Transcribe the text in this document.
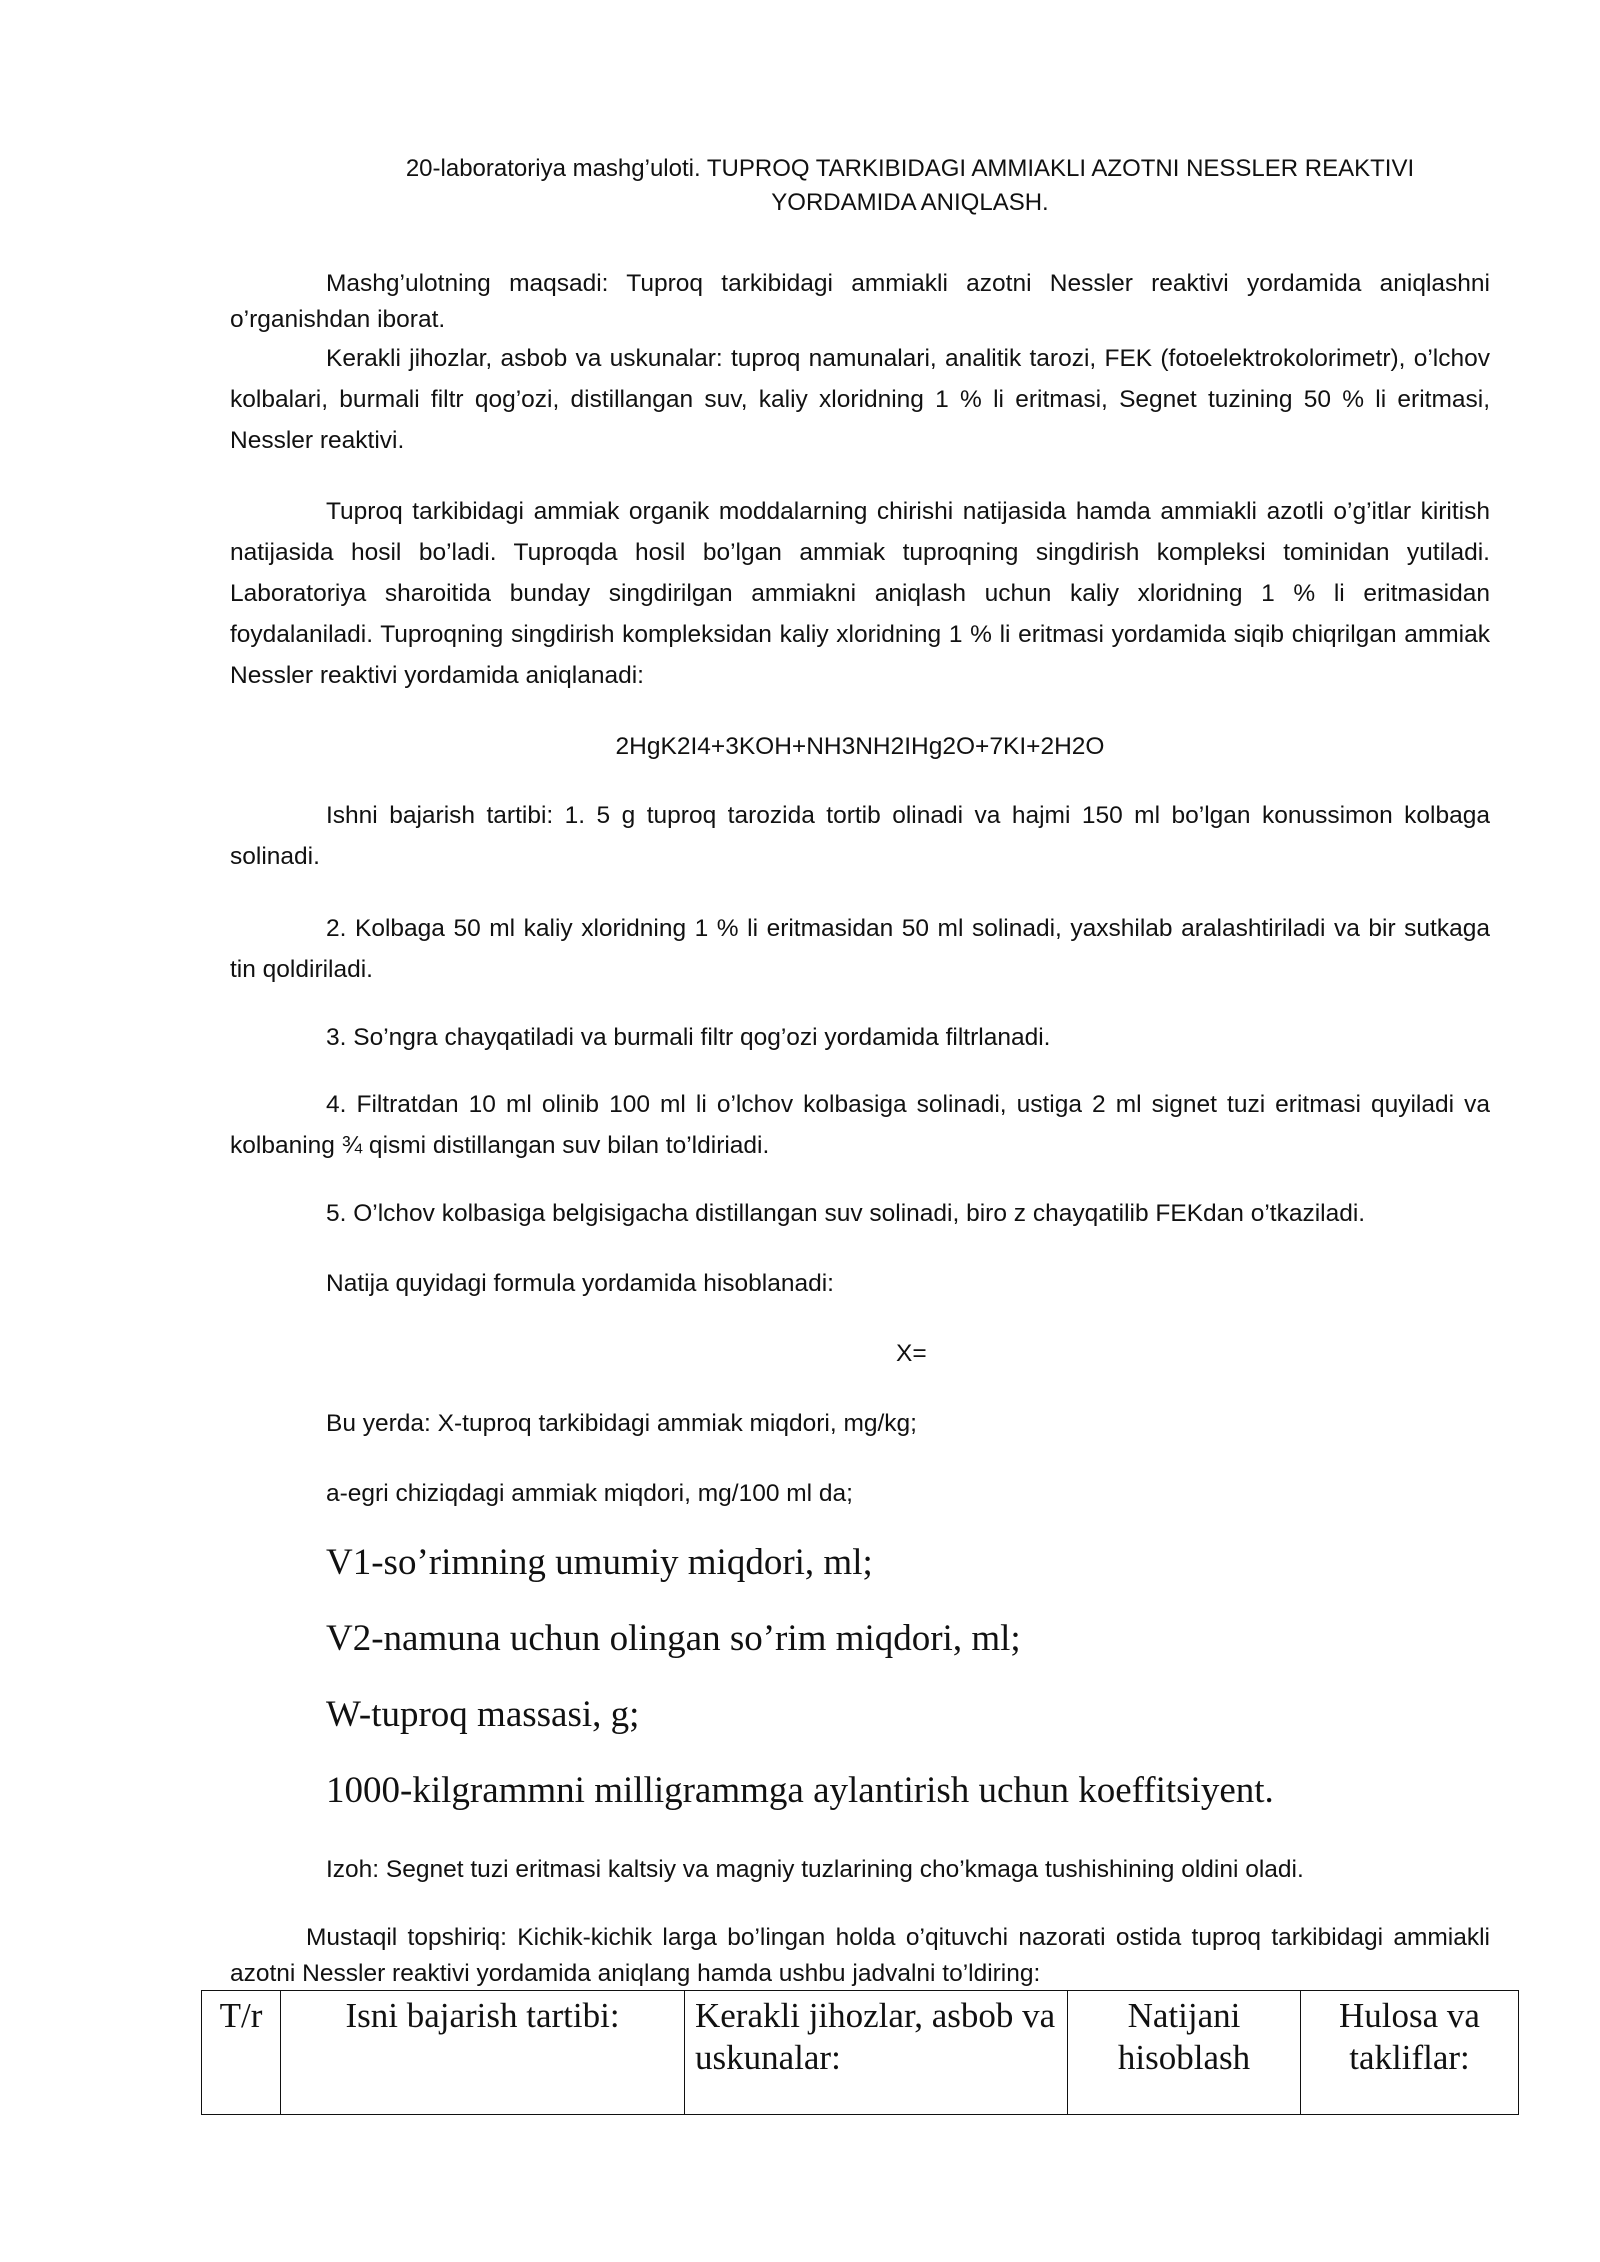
20-laboratoriya mashg’uloti. TUPROQ TARKIBIDAGI AMMIAKLI AZOTNI NESSLER REAKTIVI
YORDAMIDA ANIQLASH.

Mashg’ulotning maqsadi: Tuproq tarkibidagi ammiakli azotni Nessler reaktivi yordamida aniqlashni o’rganishdan iborat.

Kerakli jihozlar, asbob va uskunalar: tuproq namunalari, analitik tarozi, FEK (fotoelektrokolorimetr), o’lchov kolbalari, burmali filtr qog’ozi, distillangan suv, kaliy xloridning 1 % li eritmasi, Segnet tuzining 50 % li eritmasi, Nessler reaktivi.

Tuproq tarkibidagi ammiak organik moddalarning chirishi natijasida hamda ammiakli azotli o’g’itlar kiritish natijasida hosil bo’ladi. Tuproqda hosil bo’lgan ammiak tuproqning singdirish kompleksi tominidan yutiladi. Laboratoriya sharoitida bunday singdirilgan ammiakni aniqlash uchun kaliy xloridning 1 % li eritmasidan foydalaniladi. Tuproqning singdirish kompleksidan kaliy xloridning 1 % li eritmasi yordamida siqib chiqrilgan ammiak Nessler reaktivi yordamida aniqlanadi:

2HgK2I4+3KOH+NH3NH2IHg2O+7KI+2H2O

Ishni bajarish tartibi: 1. 5 g tuproq tarozida tortib olinadi va hajmi 150 ml bo’lgan konussimon kolbaga solinadi.

2. Kolbaga 50 ml kaliy xloridning 1 % li eritmasidan 50 ml solinadi, yaxshilab aralashtiriladi va bir sutkaga tin qoldiriladi.

3. So’ngra chayqatiladi va burmali filtr qog’ozi yordamida filtrlanadi.

4. Filtratdan 10 ml olinib 100 ml li o’lchov kolbasiga solinadi, ustiga 2 ml signet tuzi eritmasi quyiladi va kolbaning ¾ qismi distillangan suv bilan to’ldiriadi.

5. O’lchov kolbasiga belgisigacha distillangan suv solinadi, biro z chayqatilib FEKdan o’tkaziladi.
Natija quyidagi formula yordamida hisoblanadi:
X=
Bu yerda: X-tuproq tarkibidagi ammiak miqdori, mg/kg;
a-egri chiziqdagi ammiak miqdori, mg/100 ml da;
V1-so’rimning umumiy miqdori, ml;
V2-namuna uchun olingan so’rim miqdori, ml;
W-tuproq massasi, g;
1000-kilgrammni milligrammga aylantirish uchun koeffitsiyent.
Izoh: Segnet tuzi eritmasi kaltsiy va magniy tuzlarining cho’kmaga tushishining oldini oladi.

Mustaqil topshiriq: Kichik-kichik larga bo’lingan holda o’qituvchi nazorati ostida tuproq tarkibidagi ammiakli azotni Nessler reaktivi yordamida aniqlang hamda ushbu jadvalni to’ldiring:

T/r	Isni bajarish tartibi:	Kerakli jihozlar, asbob va uskunalar:	Natijani hisoblash	Hulosa va takliflar:
